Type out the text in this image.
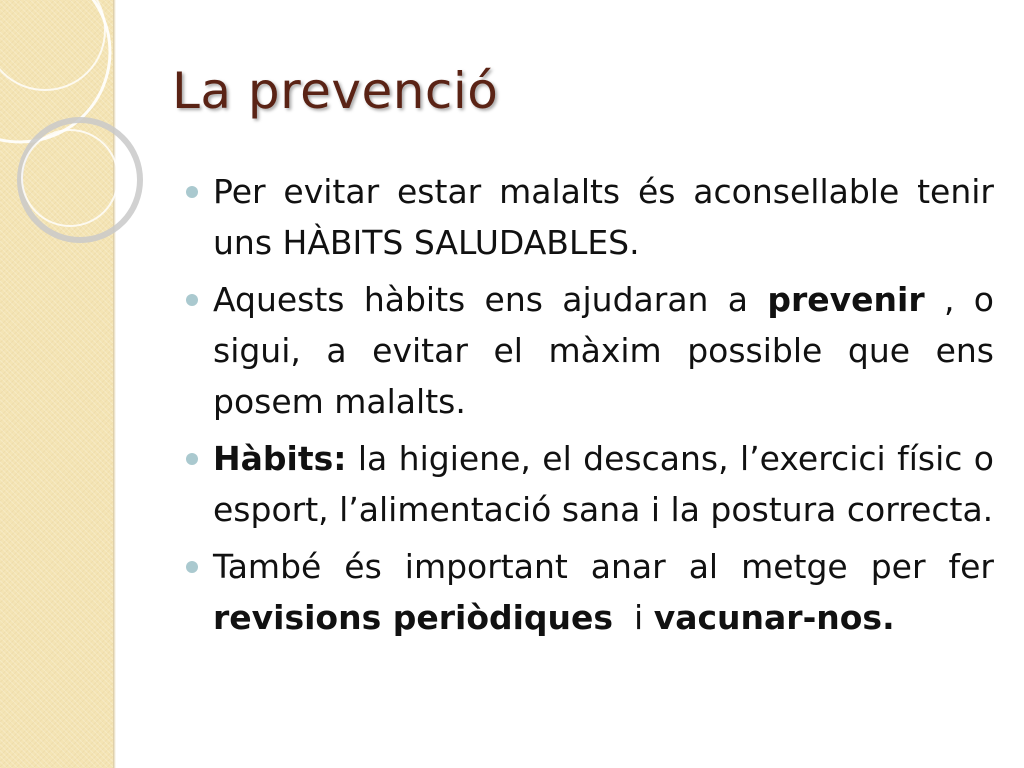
La prevenció
Per evitar estar malalts és aconsellable tenir uns HÀBITS SALUDABLES.
Aquests hàbits ens ajudaran a prevenir , o sigui, a evitar el màxim possible que ens posem malalts.
Hàbits: la higiene, el descans, l’exercici físic o esport, l’alimentació sana i la postura correcta.
També és important anar al metge per fer revisions periòdiques  i vacunar-nos.
